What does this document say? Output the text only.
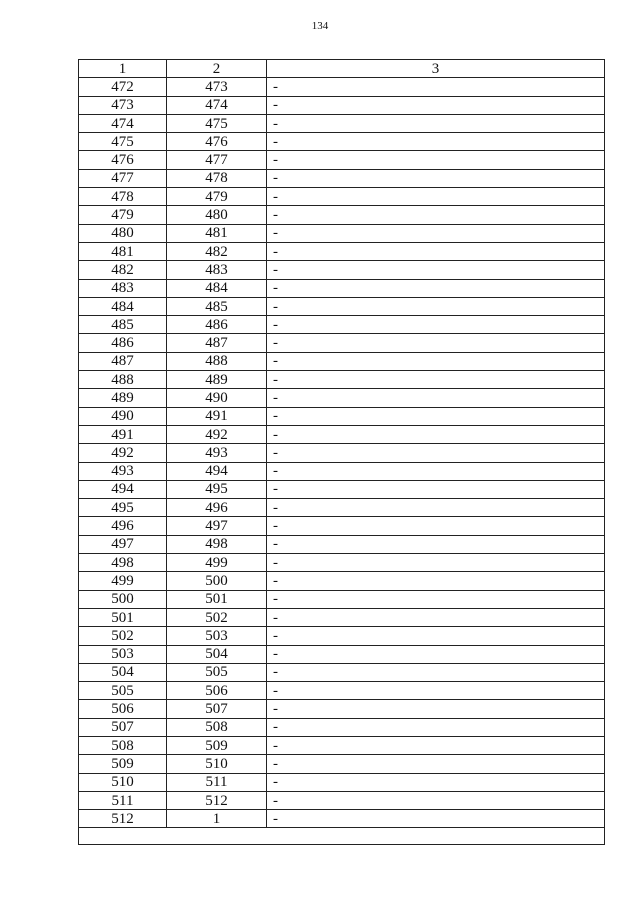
134
1	2	3
472	473	-
473	474	-
474	475	-
475	476	-
476	477	-
477	478	-
478	479	-
479	480	-
480	481	-
481	482	-
482	483	-
483	484	-
484	485	-
485	486	-
486	487	-
487	488	-
488	489	-
489	490	-
490	491	-
491	492	-
492	493	-
493	494	-
494	495	-
495	496	-
496	497	-
497	498	-
498	499	-
499	500	-
500	501	-
501	502	-
502	503	-
503	504	-
504	505	-
505	506	-
506	507	-
507	508	-
508	509	-
509	510	-
510	511	-
511	512	-
512	1	-
